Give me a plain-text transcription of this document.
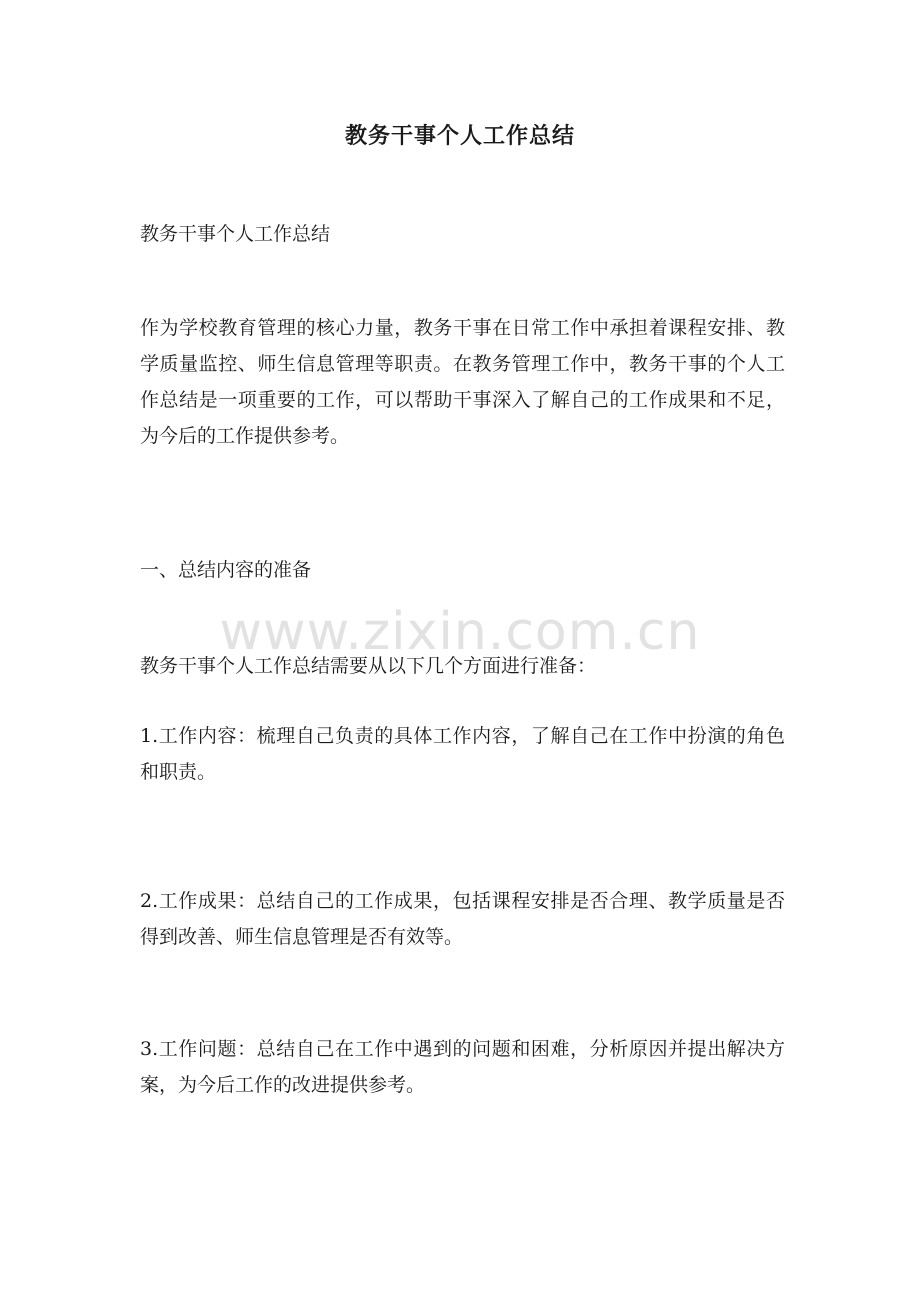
教务干事个人工作总结
教务干事个人工作总结
作为学校教育管理的核心力量，教务干事在日常工作中承担着课程安排、教学质量监控、师生信息管理等职责。在教务管理工作中，教务干事的个人工作总结是一项重要的工作，可以帮助干事深入了解自己的工作成果和不足，为今后的工作提供参考。
一、总结内容的准备
教务干事个人工作总结需要从以下几个方面进行准备：
1.工作内容：梳理自己负责的具体工作内容，了解自己在工作中扮演的角色和职责。
2.工作成果：总结自己的工作成果，包括课程安排是否合理、教学质量是否得到改善、师生信息管理是否有效等。
3.工作问题：总结自己在工作中遇到的问题和困难，分析原因并提出解决方案，为今后工作的改进提供参考。
www.zixin.com.cn
